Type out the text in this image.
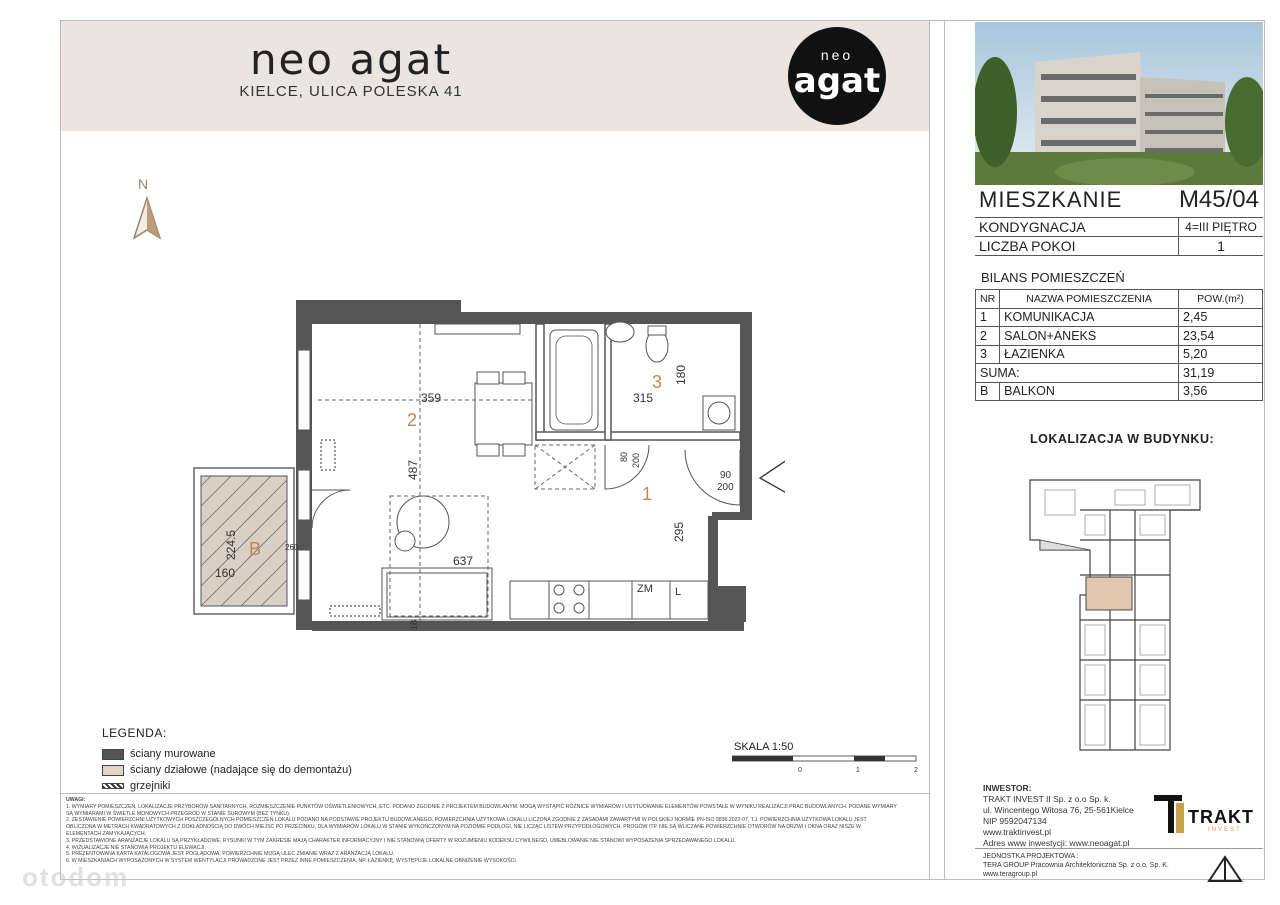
neo agat
KIELCE, ULICA POLESKA 41
neo
agat
N
359	315
637
160
180
487
295
224.5
18
90
200
80 200
260
ZM L
2
1
3
B
LEGENDA:
ściany murowane
ściany działowe (nadające się do demontażu)
grzejniki
SKALA 1:50
0	1	2
UWAGI:
1. WYMIARY POMIESZCZEŃ, LOKALIZACJE PRZYBORÓW SANITARNYCH, ROZMIESZCZENIE PUNKTÓW OŚWIETLENIOWYCH, ETC. PODANO ZGODNIE Z PROJEKTEM BUDOWLANYM. MOGĄ WYSTĄPIĆ RÓŻNICE WYMIARÓW I USYTUOWANIE ELEMENTÓW POWSTAŁE W WYNIKU REALIZACJI PRAC BUDOWLANYCH. PODANE WYMIARY
SĄ WYMIARAMI W ŚWIETLE MONOWYCH PRZEGRÓD W STANIE SUROWYM (BEZ TYNKU).
2. ZESTAWIENIE POWIERZCHNI UŻYTKOWYCH POSZCZEGÓLNYCH POMIESZCZEŃ LOKALU PODANO NA PODSTAWIE PROJEKTU BUDOWLANEGO. POWIERZCHNIA UŻYTKOWA LOKALU LICZONA ZGODNIE Z ZASADAMI ZAWARTYMI W POLSKIEJ NORMIE PN-ISO 9836:2022-07, T.J. POWIERZCHNIA UŻYTKOWA LOKALU JEST
OBLICZONA W METRACH KWADRATOWYCH Z DOKŁADNOŚCIĄ DO DWÓCH MIEJSC PO PRZECINKU, DLA WYMIARÓW LOKALU W STANIE WYKOŃCZONYM NA POZIOMIE PODŁOGI, NIE LICZĄC LISTEW PRZYPODŁOGOWYCH, PROGÓW ITP. NIE SĄ WLICZANE POWIERZCHNIE OTWORÓW NA DRZWI I OKNA ORAZ NISZE W
ELEMENTACH ZAMYKAJĄCYCH.
3. PRZEDSTAWIONE ARANŻACJE LOKALU SĄ PRZYKŁADOWE, RYSUNKI W TYM ZAKRESIE MAJĄ CHARAKTER INFORMACYJNY I NIE STANOWIĄ OFERTY W ROZUMIENIU KODEKSU CYWILNEGO, UMEBLOWANIE NIE STANOWI WYPOSAŻENIA SPRZEDAWANEGO LOKALU.
4. WIZUALIZACJE NIE STANOWIĄ PROJEKTU ELEWACJI.
5. PREZENTOWANA KARTA KATALOGOWA JEST POGLĄDOWA, POWIERZCHNIE MOGĄ ULEC ZMIANIE WRAZ Z ARANŻACJĄ LOKALU.
6. W MIESZKANIACH WYPOSAŻONYCH W SYSTEM WENTYLACJI PROWADZONE JEST PRZEZ INNE POMIESZCZENIA, NP. ŁAZIENKĘ, WYSTĘPUJE LOKALNE OBNIŻENIE WYSOKOŚCI.
otodom
MIESZKANIE M45/04
KONDYGNACJA	4=III PIĘTRO
LICZBA POKOI	1
BILANS POMIESZCZEŃ
NR	NAZWA POMIESZCZENIA	POW.(m²)
1	KOMUNIKACJA	2,45
2	SALON+ANEKS	23,54
3	ŁAZIENKA	5,20
SUMA:		31,19
B	BALKON	3,56
LOKALIZACJA W BUDYNKU:
INWESTOR:
TRAKT INVEST II Sp. z o.o Sp. k.
ul. Wincentego Witosa 76, 25-561Kielce
NIP 9592047134
www.traktinvest.pl
Adres www inwestycji: www.neoagat.pl
TRAKT
INVEST
JEDNOSTKA PROJEKTOWA :
TERA GROUP Pracownia Architektoniczna Sp. z o.o. Sp. K.
www.teragroup.pl
